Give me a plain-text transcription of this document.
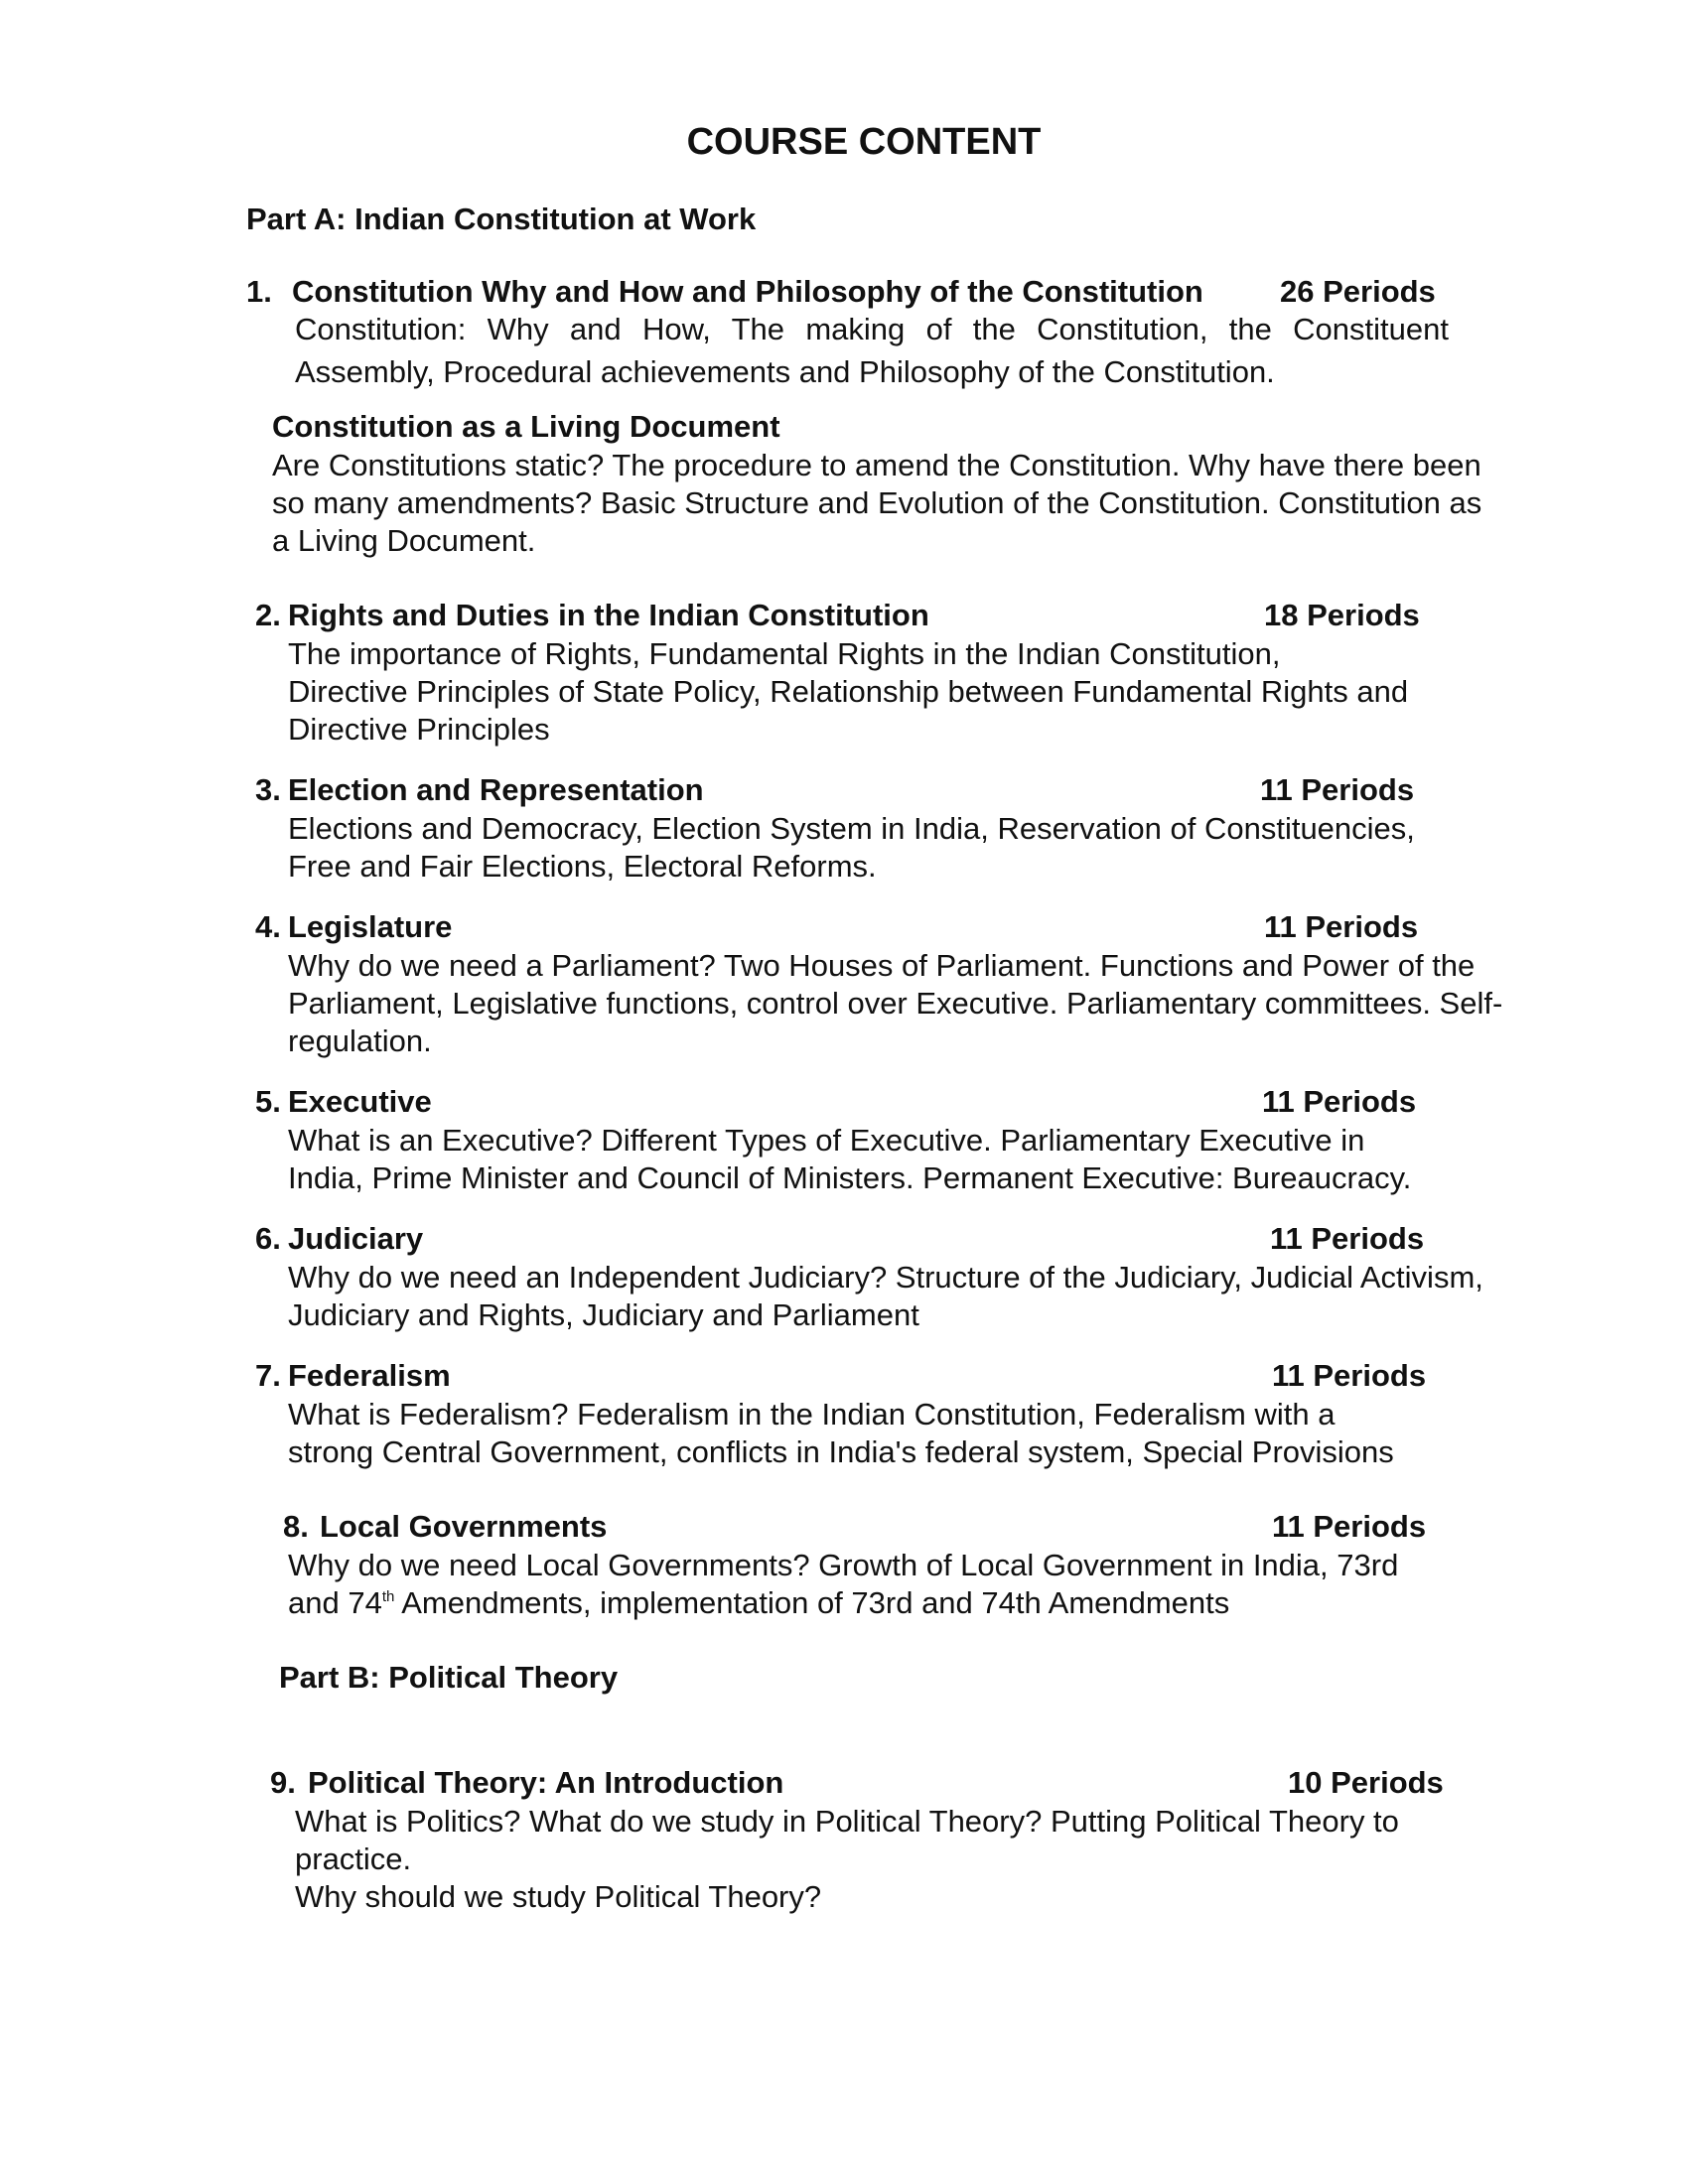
COURSE CONTENT
Part A: Indian Constitution at Work
1. Constitution Why and How and Philosophy of the Constitution 26 Periods
Constitution: Why and How, The making of the Constitution, the Constituent
Assembly, Procedural achievements and Philosophy of the Constitution.
Constitution as a Living Document
Are Constitutions static? The procedure to amend the Constitution. Why have there been
so many amendments? Basic Structure and Evolution of the Constitution. Constitution as
a Living Document.
2. Rights and Duties in the Indian Constitution	18 Periods
The importance of Rights, Fundamental Rights in the Indian Constitution,
Directive Principles of State Policy, Relationship between Fundamental Rights and
Directive Principles
3. Election and Representation	11 Periods
Elections and Democracy, Election System in India, Reservation of Constituencies,
Free and Fair Elections, Electoral Reforms.
4. Legislature	11 Periods
Why do we need a Parliament? Two Houses of Parliament. Functions and Power of the
Parliament, Legislative functions, control over Executive. Parliamentary committees. Self-
regulation.
5. Executive	11 Periods
What is an Executive? Different Types of Executive. Parliamentary Executive in
India, Prime Minister and Council of Ministers. Permanent Executive: Bureaucracy.
6. Judiciary	11 Periods
Why do we need an Independent Judiciary? Structure of the Judiciary, Judicial Activism,
Judiciary and Rights, Judiciary and Parliament
7. Federalism	11 Periods
What is Federalism? Federalism in the Indian Constitution, Federalism with a
strong Central Government, conflicts in India's federal system, Special Provisions
8. Local Governments	11 Periods
Why do we need Local Governments? Growth of Local Government in India, 73rd
and 74th Amendments, implementation of 73rd and 74th Amendments
Part B: Political Theory
9. Political Theory: An Introduction	10 Periods
What is Politics? What do we study in Political Theory? Putting Political Theory to
practice.
Why should we study Political Theory?
